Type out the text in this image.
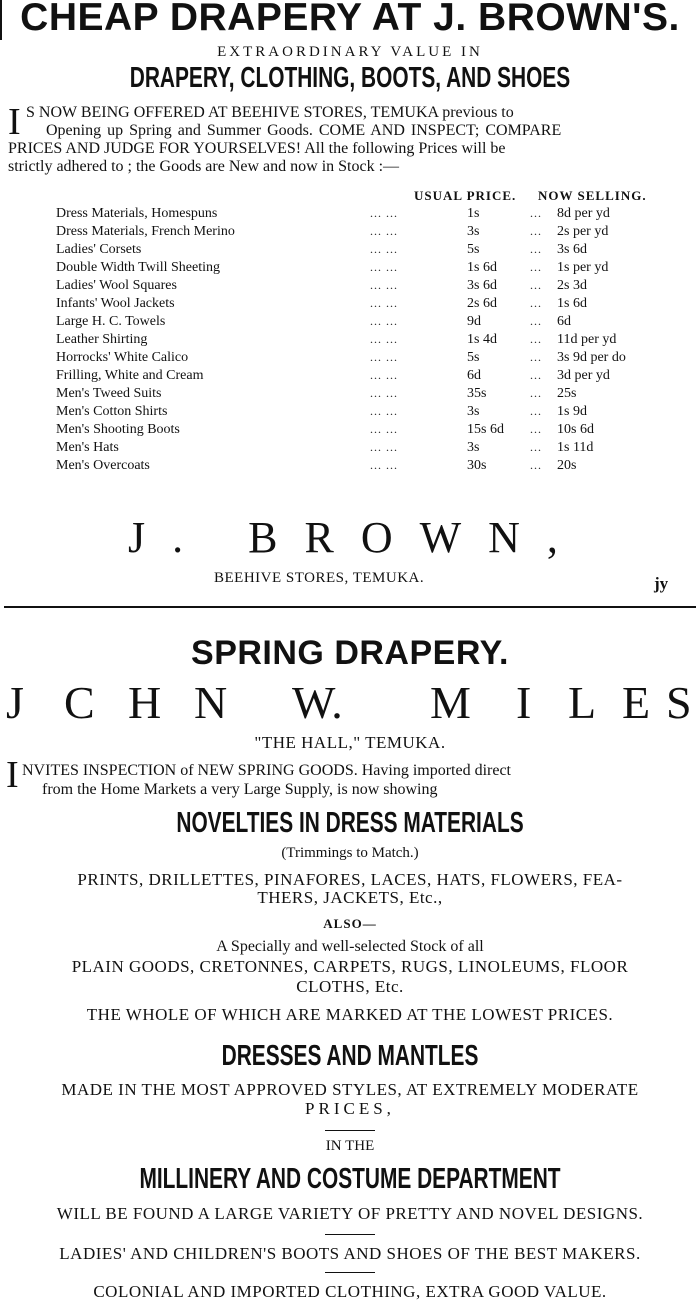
CHEAP DRAPERY AT J. BROWN'S.
EXTRAORDINARY VALUE IN
DRAPERY, CLOTHING, BOOTS, AND SHOES
I S NOW BEING OFFERED AT BEEHIVE STORES, TEMUKA previous to
Opening up Spring and Summer Goods. COME AND INSPECT; COMPARE
PRICES AND JUDGE FOR YOURSELVES! All the following Prices will be
strictly adhered to ; the Goods are New and now in Stock :—
USUAL PRICE. NOW SELLING.
Dress Materials, Homespuns	... ...	1s	... 8d per yd
Dress Materials, French Merino	... ...	3s	... 2s per yd
Ladies' Corsets	... ...	5s	... 3s 6d
Double Width Twill Sheeting	... ...	1s 6d	... 1s per yd
Ladies' Wool Squares	... ...	3s 6d	... 2s 3d
Infants' Wool Jackets	... ...	2s 6d	... 1s 6d
Large H. C. Towels	... ...	9d	... 6d
Leather Shirting	... ...	1s 4d	... 11d per yd
Horrocks' White Calico	... ...	5s	... 3s 9d per do
Frilling, White and Cream	... ...	6d	... 3d per yd
Men's Tweed Suits	... ...	35s	... 25s
Men's Cotton Shirts	... ...	3s	... 1s 9d
Men's Shooting Boots	... ...	15s 6d ... 10s 6d
Men's Hats	... ...	3s	... 1s 11d
Men's Overcoats	... ...	30s	... 20s
J. BROWN,
BEEHIVE STORES, TEMUKA.	jy
SPRING DRAPERY.
J C H N W. M I L E S
"THE HALL," TEMUKA.
I NVITES INSPECTION of NEW SPRING GOODS. Having imported direct
from the Home Markets a very Large Supply, is now showing
NOVELTIES IN DRESS MATERIALS
(Trimmings to Match.)
PRINTS, DRILLETTES, PINAFORES, LACES, HATS, FLOWERS, FEA-
THERS, JACKETS, Etc.,
ALSO—
A Specially and well-selected Stock of all
PLAIN GOODS, CRETONNES, CARPETS, RUGS, LINOLEUMS, FLOOR
CLOTHS, Etc.
THE WHOLE OF WHICH ARE MARKED AT THE LOWEST PRICES.
DRESSES AND MANTLES
MADE IN THE MOST APPROVED STYLES, AT EXTREMELY MODERATE
PRICES,
IN THE
MILLINERY AND COSTUME DEPARTMENT
WILL BE FOUND A LARGE VARIETY OF PRETTY AND NOVEL DESIGNS.
LADIES' AND CHILDREN'S BOOTS AND SHOES OF THE BEST MAKERS.
COLONIAL AND IMPORTED CLOTHING, EXTRA GOOD VALUE.
